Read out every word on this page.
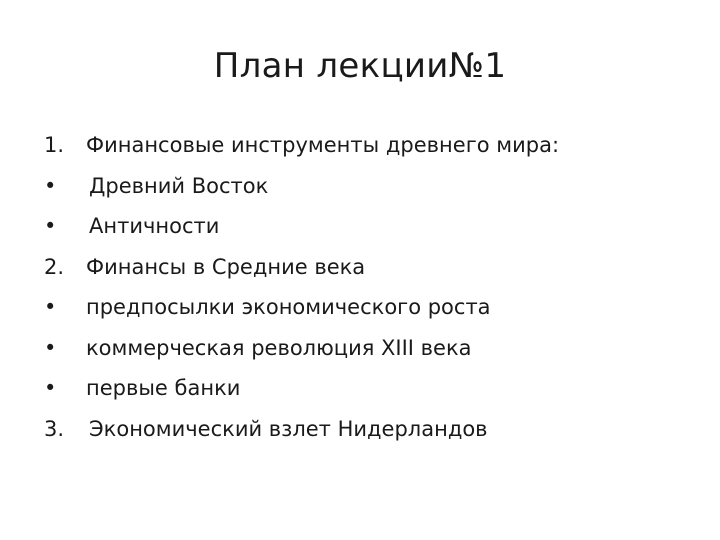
План лекции№1
1.	Финансовые инструменты древнего мира:
•	Древний Восток
•	Античности
2.	Финансы в Средние века
•	предпосылки экономического роста
•	коммерческая революция XIII века
•	первые банки
3.	Экономический взлет Нидерландов
